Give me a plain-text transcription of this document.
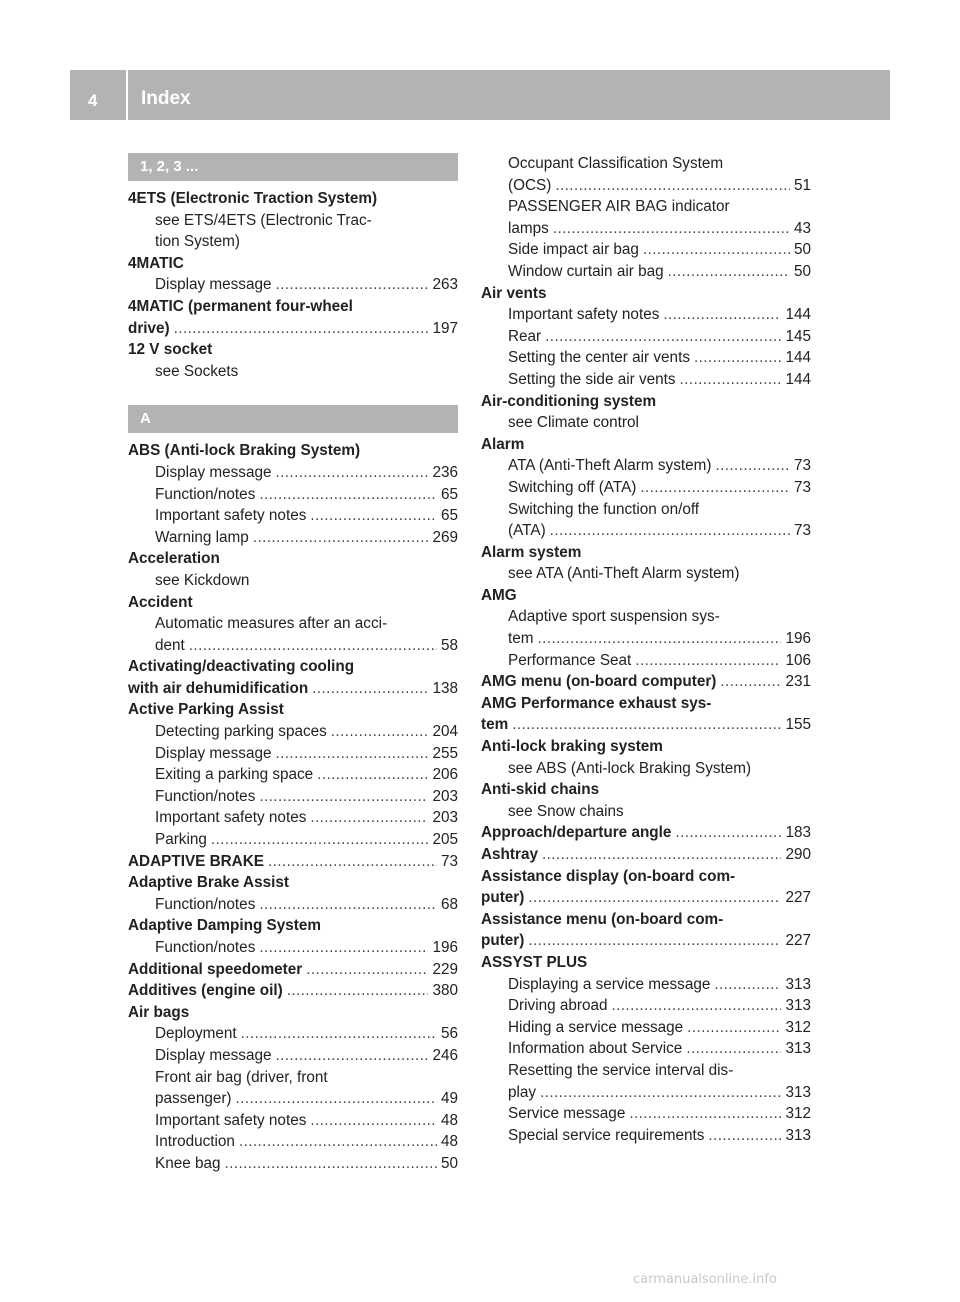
4 Index
1, 2, 3 ...
4ETS (Electronic Traction System)
see ETS/4ETS (Electronic Trac-
tion System)
4MATIC
Display message .....	263
4MATIC (permanent four-wheel
drive) .....	197
12 V socket
see Sockets
A
ABS (Anti-lock Braking System)
Display message .....	236
Function/notes .....	65
Important safety notes .....	65
Warning lamp .....	269
Acceleration
see Kickdown
Accident
Automatic measures after an acci-
dent .....	58
Activating/deactivating cooling
with air dehumidification .....	138
Active Parking Assist
Detecting parking spaces .....	204
Display message .....	255
Exiting a parking space .....	206
Function/notes .....	203
Important safety notes .....	203
Parking .....	205
ADAPTIVE BRAKE .....	73
Adaptive Brake Assist
Function/notes .....	68
Adaptive Damping System
Function/notes .....	196
Additional speedometer .....	229
Additives (engine oil) .....	380
Air bags
Deployment .....	56
Display message .....	246
Front air bag (driver, front
passenger) .....	49
Important safety notes .....	48
Introduction .....	48
Knee bag .....	50
Occupant Classification System
(OCS) .....	51
PASSENGER AIR BAG indicator
lamps .....	43
Side impact air bag .....	50
Window curtain air bag .....	50
Air vents
Important safety notes .....	144
Rear .....	145
Setting the center air vents .....	144
Setting the side air vents .....	144
Air-conditioning system
see Climate control
Alarm
ATA (Anti-Theft Alarm system) .....	73
Switching off (ATA) .....	73
Switching the function on/off
(ATA) .....	73
Alarm system
see ATA (Anti-Theft Alarm system)
AMG
Adaptive sport suspension sys-
tem .....	196
Performance Seat .....	106
AMG menu (on-board computer) .....	231
AMG Performance exhaust sys-
tem .....	155
Anti-lock braking system
see ABS (Anti-lock Braking System)
Anti-skid chains
see Snow chains
Approach/departure angle .....	183
Ashtray .....	290
Assistance display (on-board com-
puter) .....	227
Assistance menu (on-board com-
puter) .....	227
ASSYST PLUS
Displaying a service message .....	313
Driving abroad .....	313
Hiding a service message .....	312
Information about Service .....	313
Resetting the service interval dis-
play .....	313
Service message .....	312
Special service requirements .....	313
carmanualsonline.info
